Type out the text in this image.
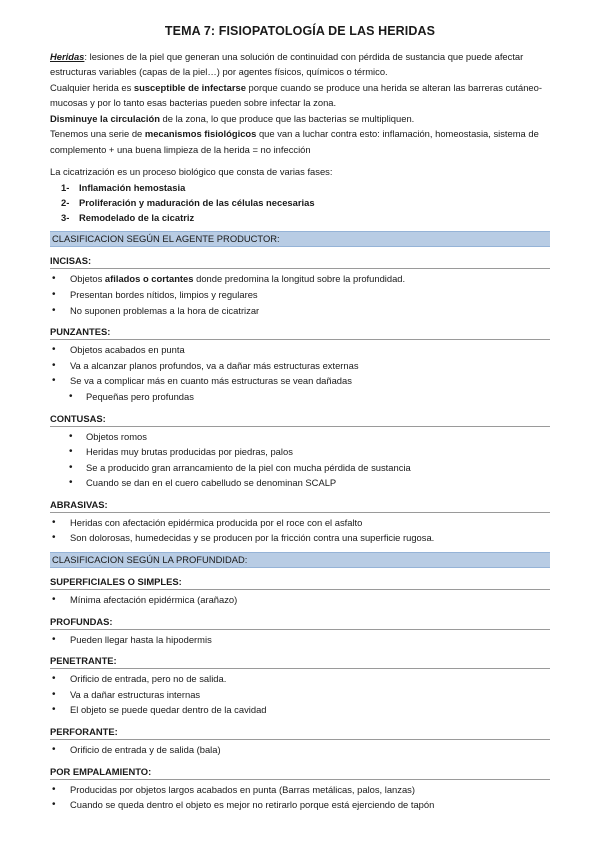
TEMA 7: FISIOPATOLOGÍA DE LAS HERIDAS

Heridas: lesiones de la piel que generan una solución de continuidad con pérdida de sustancia que puede afectar estructuras variables (capas de la piel…) por agentes físicos, químicos o térmico.

Cualquier herida es susceptible de infectarse porque cuando se produce una herida se alteran las barreras cutáneo-mucosas y por lo tanto esas bacterias pueden sobre infectar la zona.

Disminuye la circulación de la zona, lo que produce que las bacterias se multipliquen.

Tenemos una serie de mecanismos fisiológicos que van a luchar contra esto: inflamación, homeostasia, sistema de complemento + una buena limpieza de la herida = no infección

La cicatrización es un proceso biológico que consta de varias fases:

1- Inflamación hemostasia
2- Proliferación y maduración de las células necesarias
3- Remodelado de la cicatriz
CLASIFICACION SEGÚN EL AGENTE PRODUCTOR:
INCISAS:
• Objetos afilados o cortantes donde predomina la longitud sobre la profundidad.
• Presentan bordes nítidos, limpios y regulares
• No suponen problemas a la hora de cicatrizar
PUNZANTES:
• Objetos acabados en punta
• Va a alcanzar planos profundos, va a dañar más estructuras externas
• Se va a complicar más en cuanto más estructuras se vean dañadas
• Pequeñas pero profundas
CONTUSAS:
• Objetos romos
• Heridas muy brutas producidas por piedras, palos
• Se a producido gran arrancamiento de la piel con mucha pérdida de sustancia
• Cuando se dan en el cuero cabelludo se denominan SCALP
ABRASIVAS:
• Heridas con afectación epidérmica producida por el roce con el asfalto
• Son dolorosas, humedecidas y se producen por la fricción contra una superficie rugosa.
CLASIFICACION SEGÚN LA PROFUNDIDAD:
SUPERFICIALES O SIMPLES:
• Mínima afectación epidérmica (arañazo)
PROFUNDAS:
• Pueden llegar hasta la hipodermis
PENETRANTE:
• Orificio de entrada, pero no de salida.
• Va a dañar estructuras internas
• El objeto se puede quedar dentro de la cavidad
PERFORANTE:
• Orificio de entrada y de salida (bala)
POR EMPALAMIENTO:
• Producidas por objetos largos acabados en punta (Barras metálicas, palos, lanzas)
• Cuando se queda dentro el objeto es mejor no retirarlo porque está ejerciendo de tapón
